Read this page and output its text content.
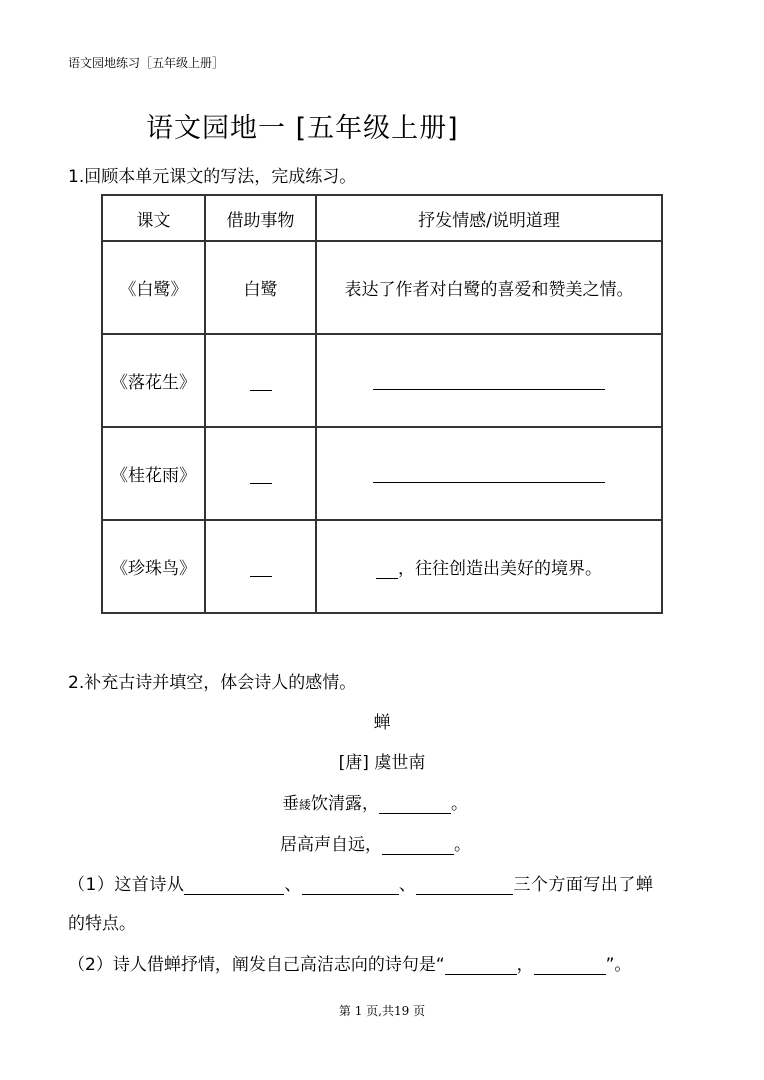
语文园地练习［五年级上册］
语文园地一 [五年级上册]
1.回顾本单元课文的写法，完成练习。
课文	借助事物	抒发情感/说明道理
《白鹭》	白鹭	表达了作者对白鹭的喜爱和赞美之情。
《落花生》		
《桂花雨》		
《珍珠鸟》		，往往创造出美好的境界。
2.补充古诗并填空，体会诗人的感情。
蝉
[唐] 虞世南
垂緌饮清露，	。
居高声自远，	。
（1）这首诗从	、	、	三个方面写出了蝉
的特点。
（2）诗人借蝉抒情，阐发自己高洁志向的诗句是“	，	”。
第 1 页,共19 页
